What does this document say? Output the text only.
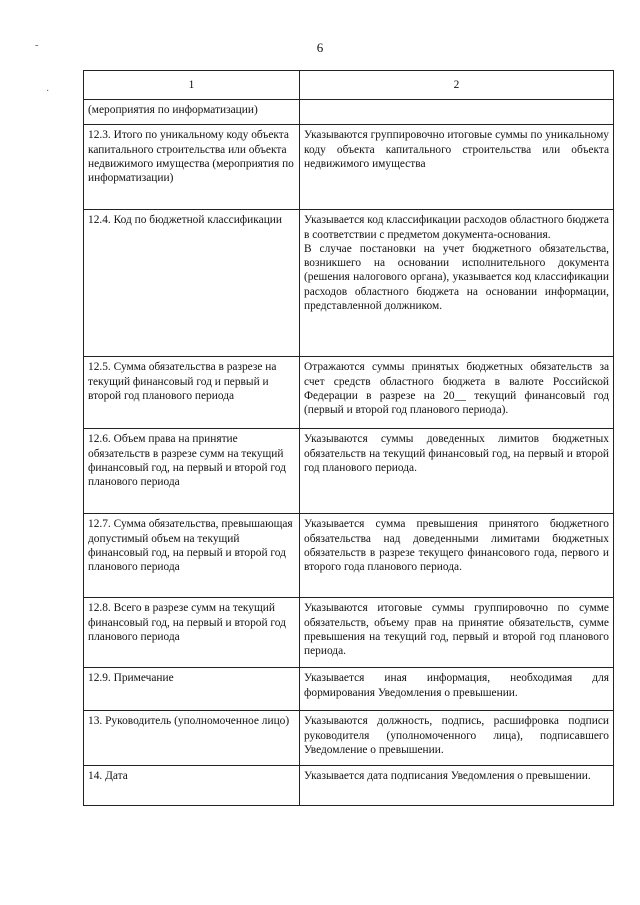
6
-
·
1	2
(мероприятия по информатизации)	
12.3. Итого по уникальному коду объекта капитального строительства или объекта недвижимого имущества (мероприятия по информатизации)	Указываются группировочно итоговые суммы по уникальному коду объекта капитального строительства или объекта недвижимого имущества
12.4. Код по бюджетной классификации	Указывается код классификации расходов областного бюджета в соответствии с предметом документа-основания.
В случае постановки на учет бюджетного обязательства, возникшего на основании исполнительного документа (решения налогового органа), указывается код классификации расходов областного бюджета на основании информации, представленной должником.

12.5. Сумма обязательства в разрезе на текущий финансовый год и первый и второй год планового периода	Отражаются суммы принятых бюджетных обязательств за счет средств областного бюджета в валюте Российской Федерации в разрезе на 20__ текущий финансовый год (первый и второй год планового периода).
12.6. Объем права на принятие обязательств в разрезе сумм на текущий финансовый год, на первый и второй год планового периода	Указываются суммы доведенных лимитов бюджетных обязательств на текущий финансовый год, на первый и второй год планового периода.
12.7. Сумма обязательства, превышающая допустимый объем на текущий финансовый год, на первый и второй год планового периода	Указывается сумма превышения принятого бюджетного обязательства над доведенными лимитами бюджетных обязательств в разрезе текущего финансового года, первого и второго года планового периода.
12.8. Всего в разрезе сумм на текущий финансовый год, на первый и второй год планового периода	Указываются итоговые суммы группировочно по сумме обязательств, объему прав на принятие обязательств, сумме превышения на текущий год, первый и второй год планового периода.
12.9. Примечание	Указывается иная информация, необходимая для формирования Уведомления о превышении.
13. Руководитель (уполномоченное лицо)	Указываются должность, подпись, расшифровка подписи руководителя (уполномоченного лица), подписавшего Уведомление о превышении.
14. Дата	Указывается дата подписания Уведомления о превышении.
